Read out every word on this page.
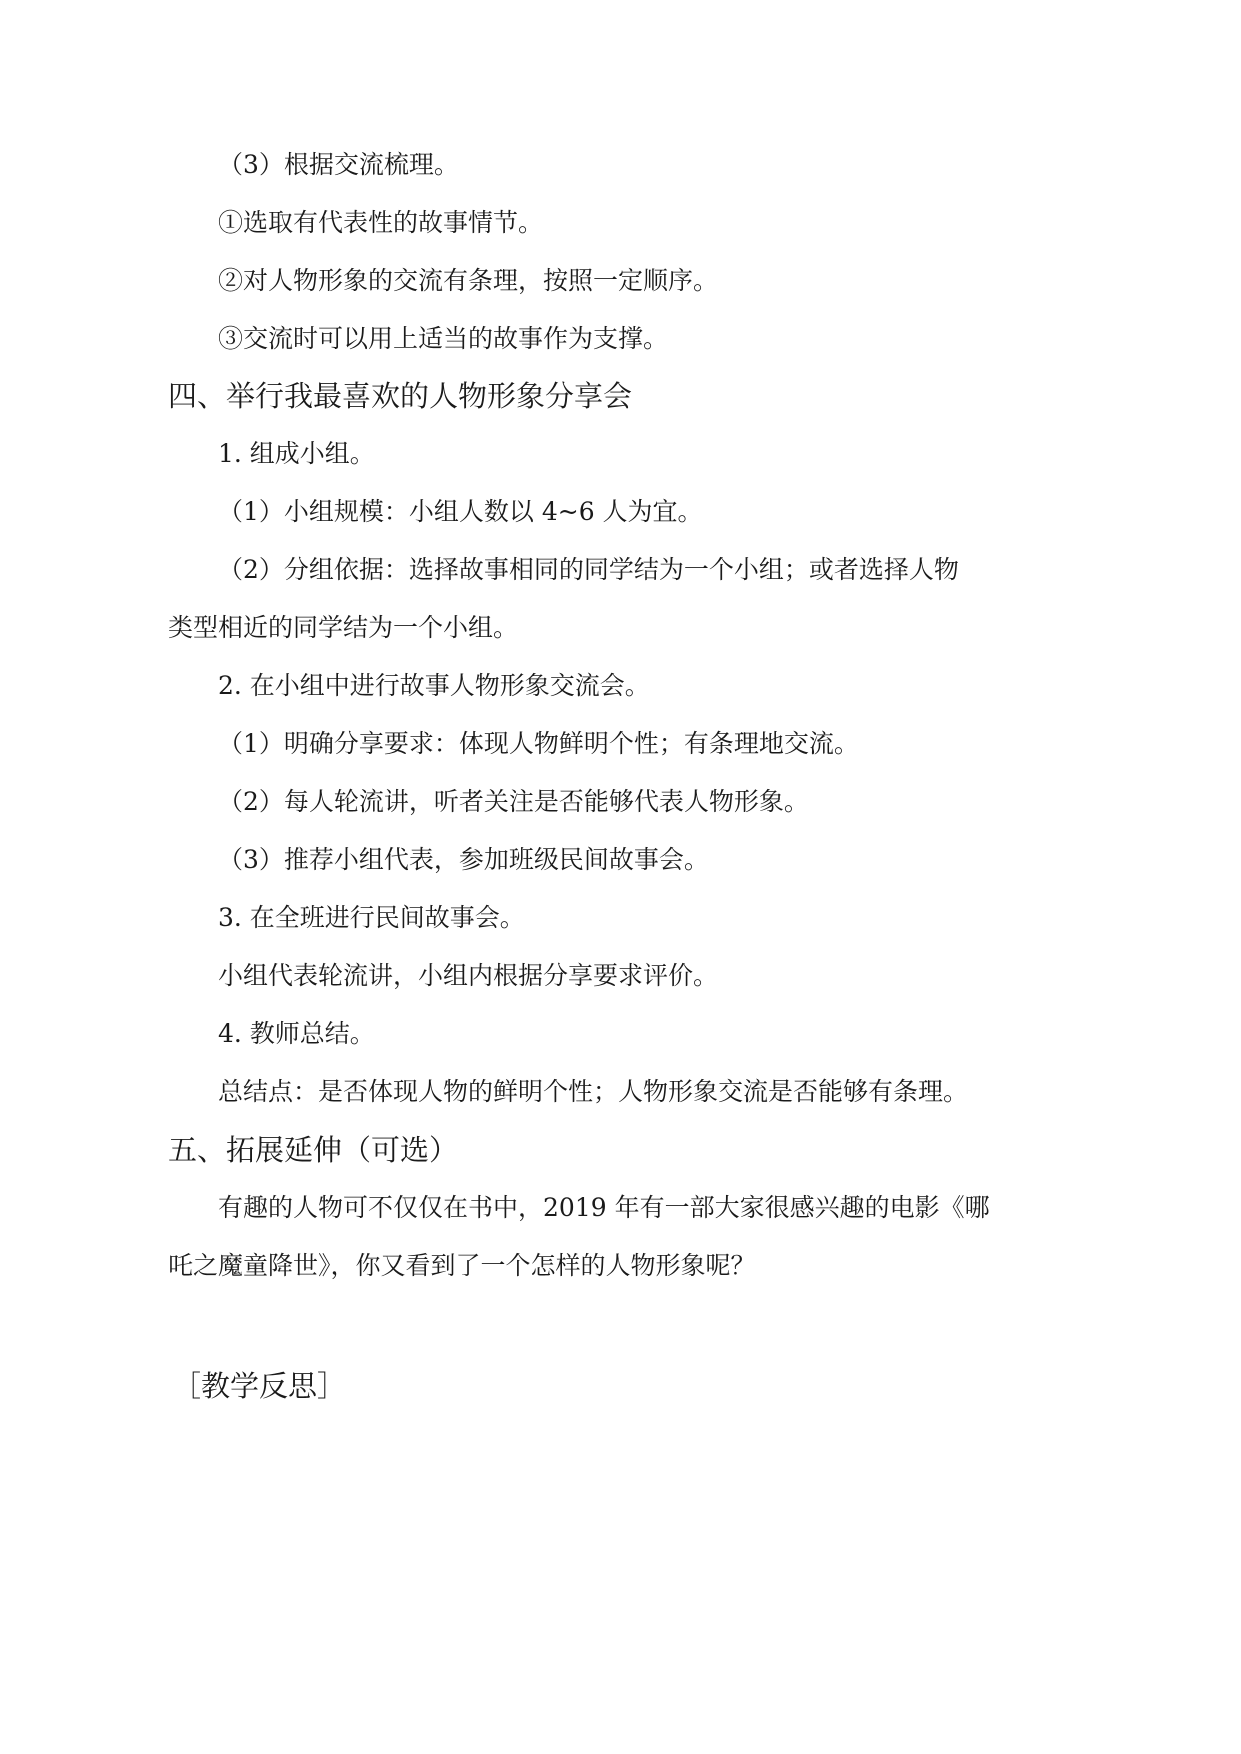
（3）根据交流梳理。

①选取有代表性的故事情节。

②对人物形象的交流有条理，按照一定顺序。

③交流时可以用上适当的故事作为支撑。

四、举行我最喜欢的人物形象分享会

1. 组成小组。

（1）小组规模：小组人数以 4~6 人为宜。

（2）分组依据：选择故事相同的同学结为一个小组；或者选择人物

类型相近的同学结为一个小组。

2. 在小组中进行故事人物形象交流会。

（1）明确分享要求：体现人物鲜明个性；有条理地交流。

（2）每人轮流讲，听者关注是否能够代表人物形象。

（3）推荐小组代表，参加班级民间故事会。

3. 在全班进行民间故事会。

小组代表轮流讲，小组内根据分享要求评价。

4. 教师总结。

总结点：是否体现人物的鲜明个性；人物形象交流是否能够有条理。

五、拓展延伸（可选）

有趣的人物可不仅仅在书中，2019 年有一部大家很感兴趣的电影《哪

吒之魔童降世》，你又看到了一个怎样的人物形象呢？

［教学反思］
